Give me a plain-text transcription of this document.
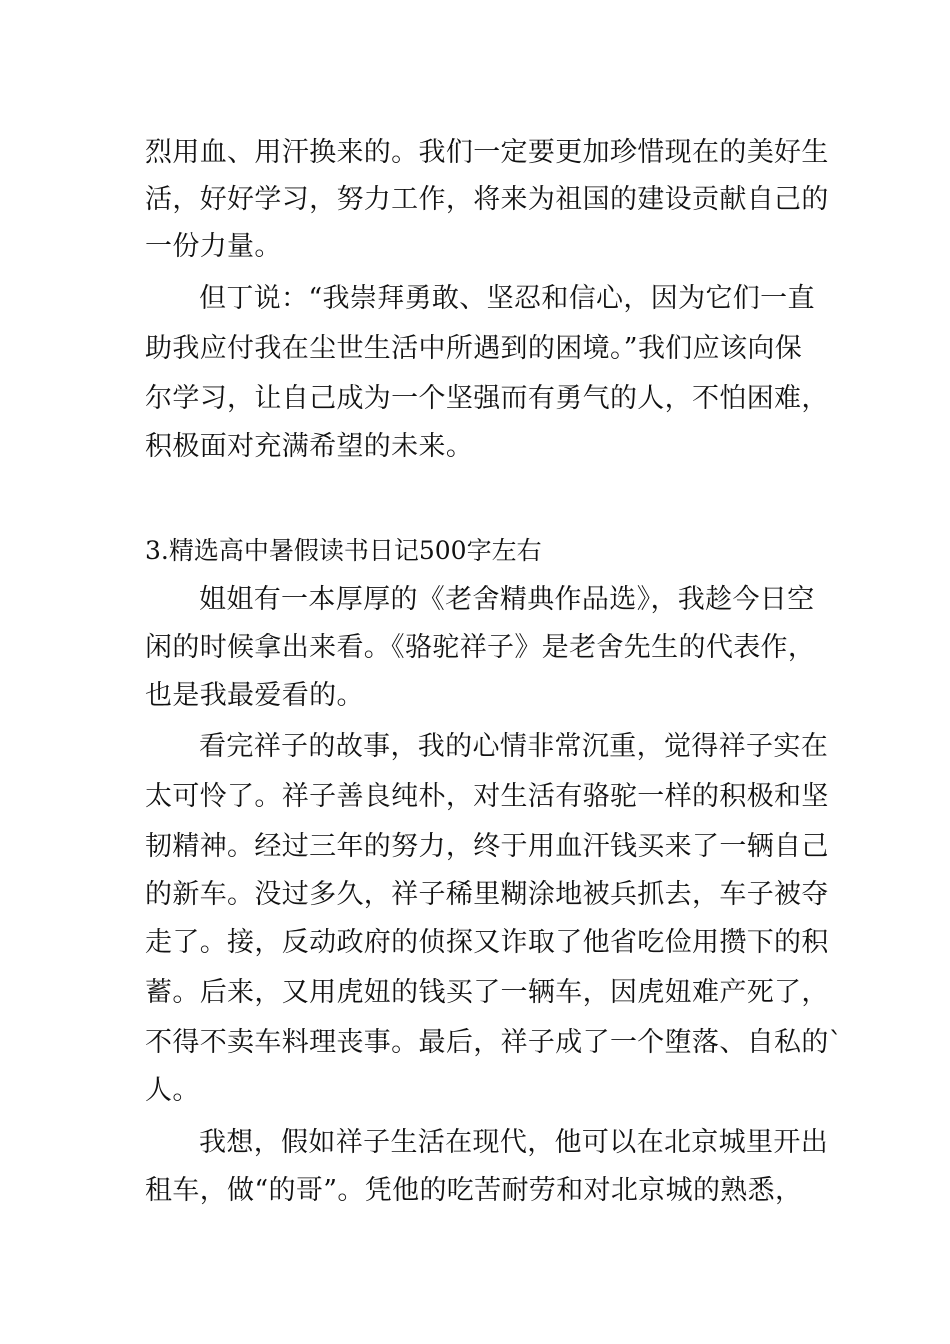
烈用血、用汗换来的。我们一定要更加珍惜现在的美好生
活，好好学习，努力工作，将来为祖国的建设贡献自己的
一份力量。
但丁说：“我崇拜勇敢、坚忍和信心，因为它们一直
助我应付我在尘世生活中所遇到的困境。”我们应该向保
尔学习，让自己成为一个坚强而有勇气的人，不怕困难，
积极面对充满希望的未来。
3.精选高中暑假读书日记500字左右
姐姐有一本厚厚的《老舍精典作品选》，我趁今日空
闲的时候拿出来看。《骆驼祥子》是老舍先生的代表作，
也是我最爱看的。
看完祥子的故事，我的心情非常沉重，觉得祥子实在
太可怜了。祥子善良纯朴，对生活有骆驼一样的积极和坚
韧精神。经过三年的努力，终于用血汗钱买来了一辆自己
的新车。没过多久，祥子稀里糊涂地被兵抓去，车子被夺
走了。接，反动政府的侦探又诈取了他省吃俭用攒下的积
蓄。后来，又用虎妞的钱买了一辆车，因虎妞难产死了，
不得不卖车料理丧事。最后，祥子成了一个堕落、自私的`
人。
我想，假如祥子生活在现代，他可以在北京城里开出
租车，做“的哥”。凭他的吃苦耐劳和对北京城的熟悉，
